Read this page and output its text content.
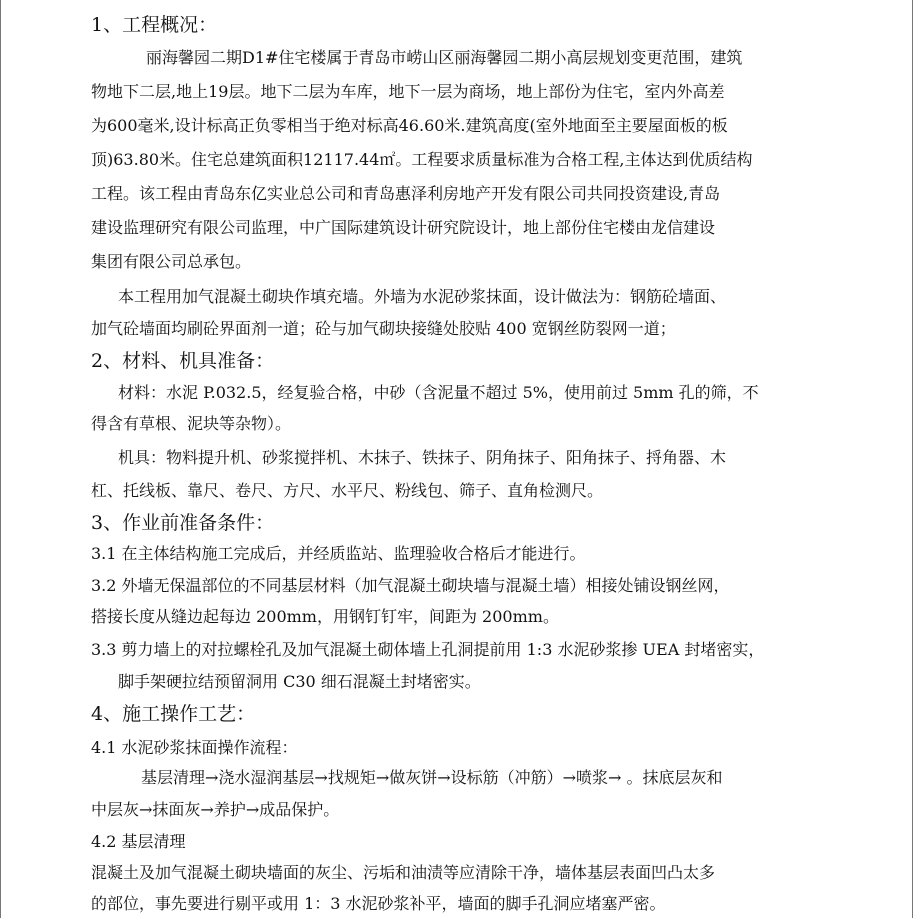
1、工程概况：
丽海馨园二期D1#住宅楼属于青岛市崂山区丽海馨园二期小高层规划变更范围，建筑
物地下二层,地上19层。地下二层为车库，地下一层为商场，地上部份为住宅，室内外高差
为600毫米,设计标高正负零相当于绝对标高46.60米.建筑高度(室外地面至主要屋面板的板
顶)63.80米。住宅总建筑面积12117.44㎡。工程要求质量标准为合格工程,主体达到优质结构
工程。该工程由青岛东亿实业总公司和青岛惠泽利房地产开发有限公司共同投资建设,青岛
建设监理研究有限公司监理，中广国际建筑设计研究院设计，地上部份住宅楼由龙信建设
集团有限公司总承包。
本工程用加气混凝土砌块作填充墙。外墙为水泥砂浆抹面，设计做法为：钢筋砼墙面、
加气砼墙面均刷砼界面剂一道；砼与加气砌块接缝处胶贴 400 宽钢丝防裂网一道；
2、材料、机具准备：
材料：水泥 P.032.5，经复验合格，中砂（含泥量不超过 5%，使用前过 5mm 孔的筛，不
得含有草根、泥块等杂物）。
机具：物料提升机、砂浆搅拌机、木抹子、铁抹子、阴角抹子、阳角抹子、捋角器、木
杠、托线板、靠尺、卷尺、方尺、水平尺、粉线包、筛子、直角检测尺。
3、作业前准备条件：
3.1 在主体结构施工完成后，并经质监站、监理验收合格后才能进行。
3.2 外墙无保温部位的不同基层材料（加气混凝土砌块墙与混凝土墙）相接处铺设钢丝网，
搭接长度从缝边起每边 200mm，用钢钉钉牢，间距为 200mm。
3.3 剪力墙上的对拉螺栓孔及加气混凝土砌体墙上孔洞提前用 1:3 水泥砂浆掺 UEA 封堵密实，
脚手架硬拉结预留洞用 C30 细石混凝土封堵密实。
4、施工操作工艺：
4.1 水泥砂浆抹面操作流程：
基层清理→浇水湿润基层→找规矩→做灰饼→设标筋（冲筋）→喷浆→ 。抹底层灰和
中层灰→抹面灰→养护→成品保护。
4.2 基层清理
混凝土及加气混凝土砌块墙面的灰尘、污垢和油渍等应清除干净，墙体基层表面凹凸太多
的部位，事先要进行剔平或用 1：3 水泥砂浆补平，墙面的脚手孔洞应堵塞严密。
